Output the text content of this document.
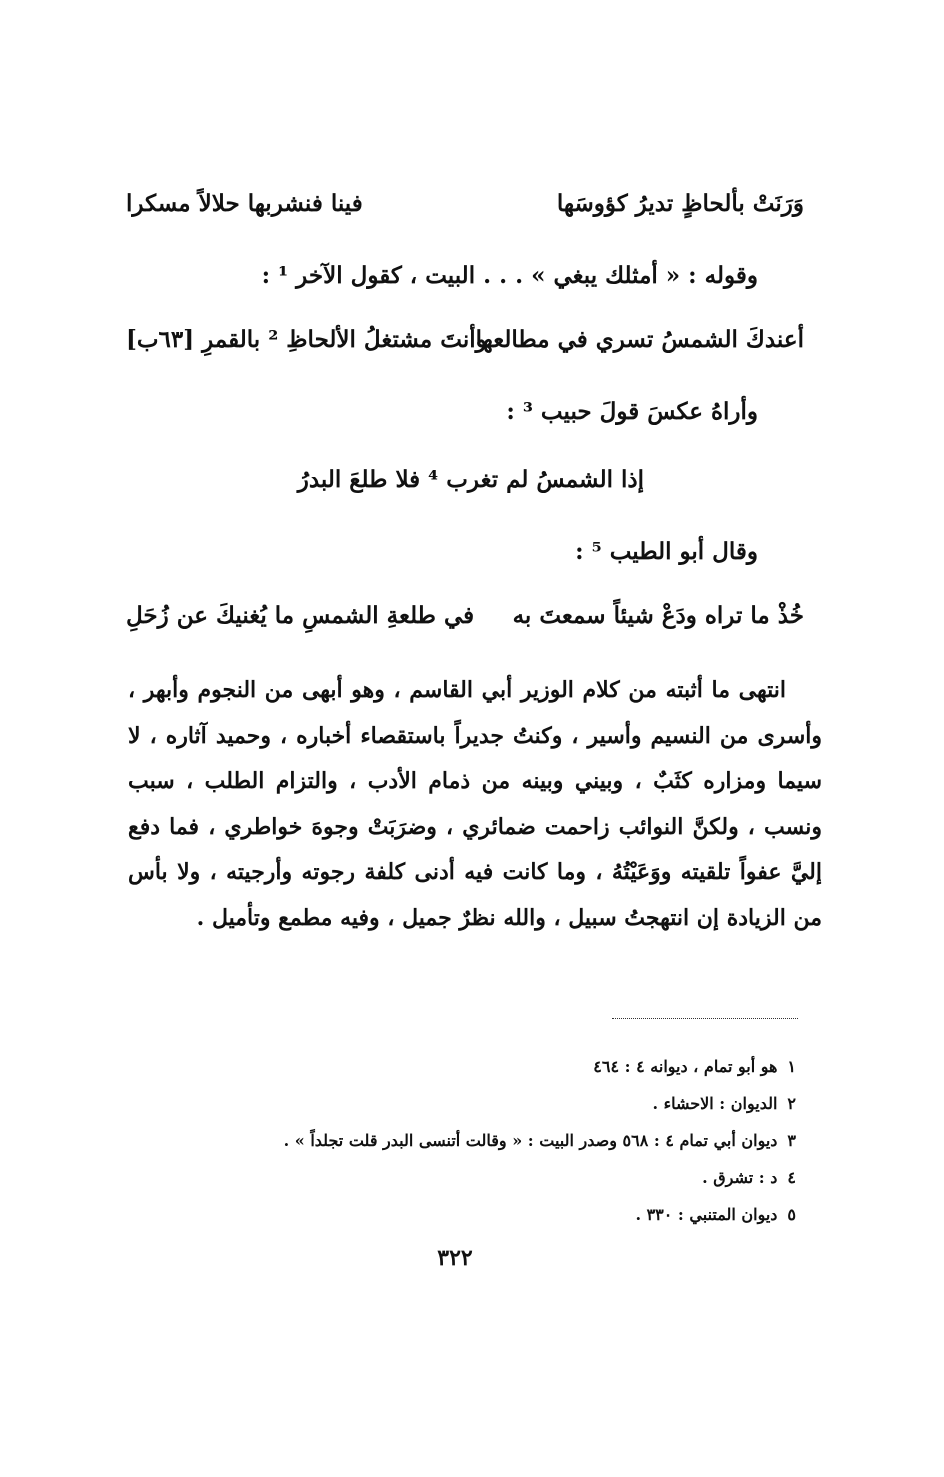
وَرَنَتْ بألحاظٍ تديرُ كؤوسَها
فينا فنشربها حلالاً مسكرا
وقوله : « أمثلك يبغي » . . . البيت ، كقول الآخر ¹ :
أعندكَ الشمسُ تسري في مطالعها
وأنتَ مشتغلُ الألحاظِ ² بالقمرِ [٦٣ب]
وأراهُ عكسَ قولَ حبيب ³ :
إذا الشمسُ لم تغرب ⁴ فلا طلعَ البدرُ
وقال أبو الطيب ⁵ :
خُذْ ما تراه ودَعْ شيئاً سمعتَ به
في طلعةِ الشمسِ ما يُغنيكَ عن زُحَلِ

انتهى ما أثبته من كلام الوزير أبي القاسم ، وهو أبهى من النجوم وأبهر ، وأسرى من النسيم وأسير ، وكنتُ جديراً باستقصاء أخباره ، وحميد آثاره ، لا سيما ومزاره كثَبٌ ، وبيني وبينه من ذمام الأدب ، والتزام الطلب ، سبب ونسب ، ولكنَّ النوائب زاحمت ضمائري ، وضرَبَتْ وجوهَ خواطري ، فما دفع إليَّ عفواً تلقيته ووَعَيْتُهُ ، وما كانت فيه أدنى كلفة رجوته وأرجيته ، ولا بأس من الزيادة إن انتهجتُ سبيل ، والله نظرٌ جميل ، وفيه مطمع وتأميل .

١هو أبو تمام ، ديوانه ٤ : ٤٦٤
٢الديوان : الاحشاء .
٣ديوان أبي تمام ٤ : ٥٦٨ وصدر البيت : « وقالت أتنسى البدر قلت تجلداً » .
٤د : تشرق .
٥ديوان المتنبي : ٣٣٠ .
٣٢٢
